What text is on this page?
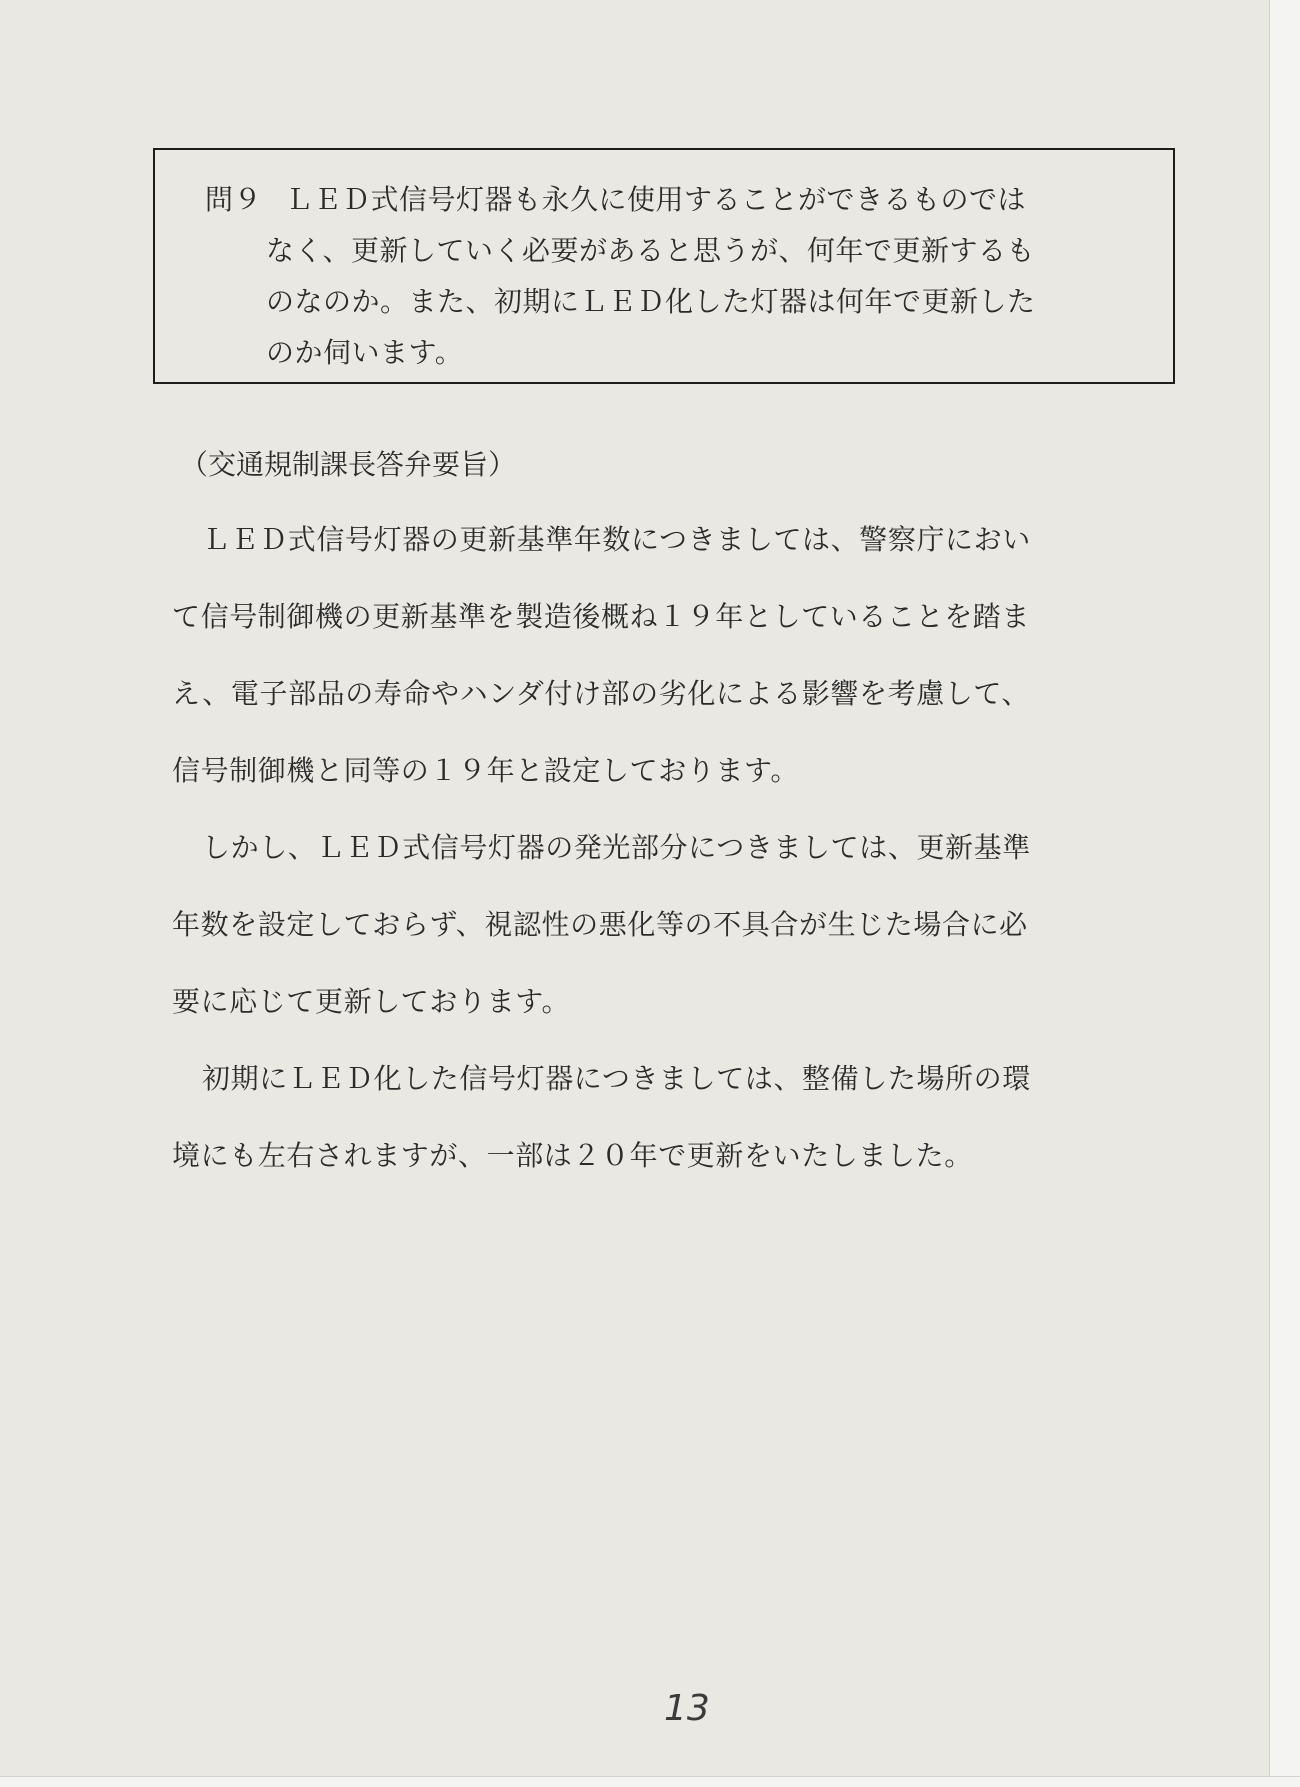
問９ ＬＥＤ式信号灯器も永久に使用することができるものでは
なく、更新していく必要があると思うが、何年で更新するも
のなのか。また、初期にＬＥＤ化した灯器は何年で更新した
のか伺います。
（交通規制課長答弁要旨）
ＬＥＤ式信号灯器の更新基準年数につきましては、警察庁におい
て信号制御機の更新基準を製造後概ね１９年としていることを踏ま
え、電子部品の寿命やハンダ付け部の劣化による影響を考慮して、
信号制御機と同等の１９年と設定しております。
しかし、ＬＥＤ式信号灯器の発光部分につきましては、更新基準
年数を設定しておらず、視認性の悪化等の不具合が生じた場合に必
要に応じて更新しております。
初期にＬＥＤ化した信号灯器につきましては、整備した場所の環
境にも左右されますが、一部は２０年で更新をいたしました。
13
